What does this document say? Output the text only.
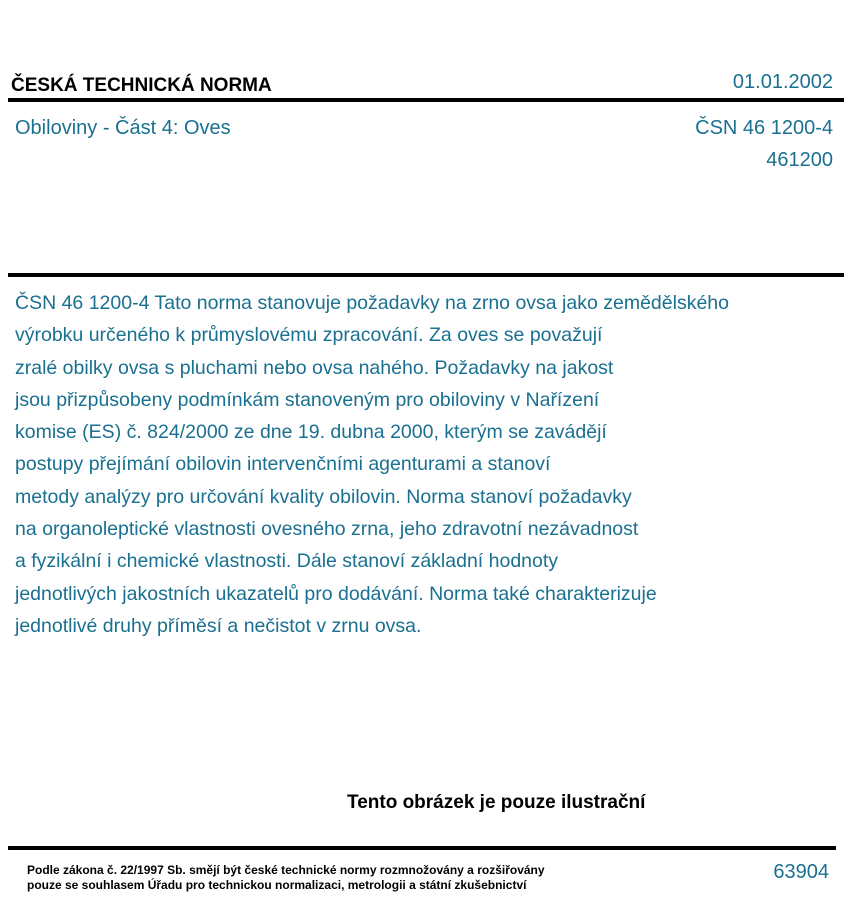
ČESKÁ TECHNICKÁ NORMA	01.01.2002
Obiloviny - Část 4: Oves	ČSN 46 1200-4
461200
ČSN 46 1200-4 Tato norma stanovuje požadavky na zrno ovsa jako zemědělského
výrobku určeného k průmyslovému zpracování. Za oves se považují
zralé obilky ovsa s pluchami nebo ovsa nahého. Požadavky na jakost
jsou přizpůsobeny podmínkám stanoveným pro obiloviny v Nařízení
komise (ES) č. 824/2000 ze dne 19. dubna 2000, kterým se zavádějí
postupy přejímání obilovin intervenčními agenturami a stanoví
metody analýzy pro určování kvality obilovin. Norma stanoví požadavky
na organoleptické vlastnosti ovesného zrna, jeho zdravotní nezávadnost
a fyzikální i chemické vlastnosti. Dále stanoví základní hodnoty
jednotlivých jakostních ukazatelů pro dodávání. Norma také charakterizuje
jednotlivé druhy příměsí a nečistot v zrnu ovsa.
Tento obrázek je pouze ilustrační
Podle zákona č. 22/1997 Sb. smějí být české technické normy rozmnožovány a rozšiřovány
pouze se souhlasem Úřadu pro technickou normalizaci, metrologii a státní zkušebnictví
63904
